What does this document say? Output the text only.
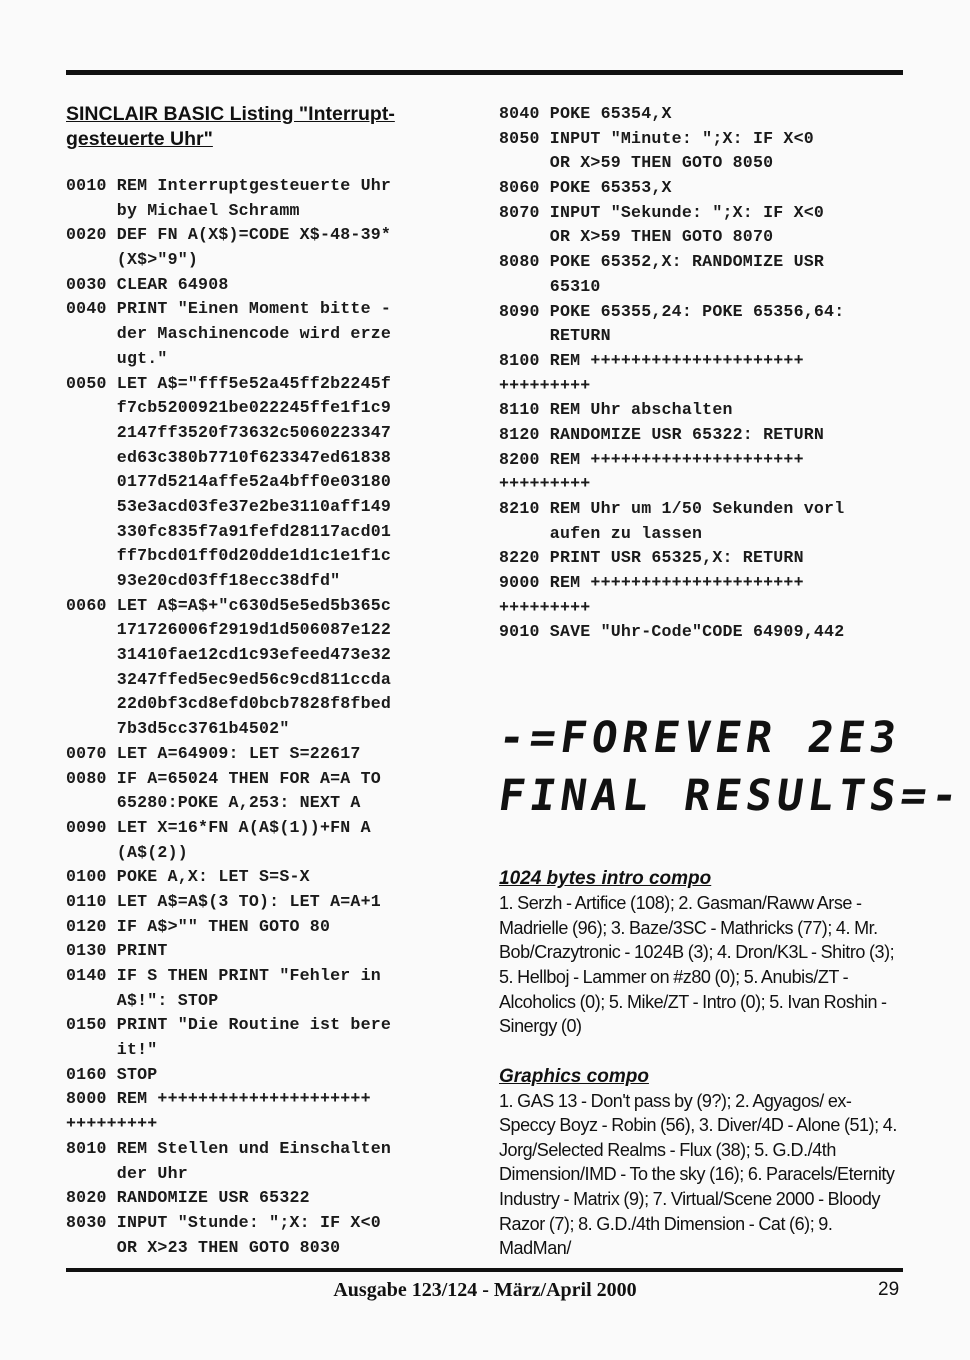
SINCLAIR BASIC Listing "Interrupt-
gesteuerte Uhr"
0010 REM Interruptgesteuerte Uhr
by Michael Schramm
0020 DEF FN A(X$)=CODE X$-48-39*
(X$>"9")
0030 CLEAR 64908
0040 PRINT "Einen Moment bitte -
der Maschinencode wird erze
ugt."
0050 LET A$="fff5e52a45ff2b2245f
f7cb5200921be022245ffe1f1c9
2147ff3520f73632c5060223347
ed63c380b7710f623347ed61838
0177d5214affe52a4bff0e03180
53e3acd03fe37e2be3110aff149
330fc835f7a91fefd28117acd01
ff7bcd01ff0d20dde1d1c1e1f1c
93e20cd03ff18ecc38dfd"
0060 LET A$=A$+"c630d5e5ed5b365c
171726006f2919d1d506087e122
31410fae12cd1c93efeed473e32
3247ffed5ec9ed56c9cd811ccda
22d0bf3cd8efd0bcb7828f8fbed
7b3d5cc3761b4502"
0070 LET A=64909: LET S=22617
0080 IF A=65024 THEN FOR A=A TO
65280:POKE A,253: NEXT A
0090 LET X=16*FN A(A$(1))+FN A
(A$(2))
0100 POKE A,X: LET S=S-X
0110 LET A$=A$(3 TO): LET A=A+1
0120 IF A$>"" THEN GOTO 80
0130 PRINT
0140 IF S THEN PRINT "Fehler in
A$!": STOP
0150 PRINT "Die Routine ist bere
it!"
0160 STOP
8000 REM +++++++++++++++++++++
+++++++++
8010 REM Stellen und Einschalten
der Uhr
8020 RANDOMIZE USR 65322
8030 INPUT "Stunde: ";X: IF X<0
OR X>23 THEN GOTO 8030
8040 POKE 65354,X
8050 INPUT "Minute: ";X: IF X<0
OR X>59 THEN GOTO 8050
8060 POKE 65353,X
8070 INPUT "Sekunde: ";X: IF X<0
OR X>59 THEN GOTO 8070
8080 POKE 65352,X: RANDOMIZE USR
65310
8090 POKE 65355,24: POKE 65356,64:
RETURN
8100 REM +++++++++++++++++++++
+++++++++
8110 REM Uhr abschalten
8120 RANDOMIZE USR 65322: RETURN
8200 REM +++++++++++++++++++++
+++++++++
8210 REM Uhr um 1/50 Sekunden vorl
aufen zu lassen
8220 PRINT USR 65325,X: RETURN
9000 REM +++++++++++++++++++++
+++++++++
9010 SAVE "Uhr-Code"CODE 64909,442
-=FOREVER 2E3
FINAL RESULTS=-

1024 bytes intro compo

1. Serzh - Artifice (108); 2. Gasman/Raww Arse - Madrielle (96); 3. Baze/3SC - Mathricks (77); 4. Mr. Bob/Crazytronic - 1024B (3); 4. Dron/K3L - Shitro (3); 5. Hellboj - Lammer on #z80 (0); 5. Anubis/ZT - Alcoholics (0); 5. Mike/ZT - Intro (0); 5. Ivan Roshin - Sinergy (0)

Graphics compo

1. GAS 13 - Don't pass by (9?); 2. Agyagos/ ex-Speccy Boyz - Robin (56), 3. Diver/4D - Alone (51); 4. Jorg/Selected Realms - Flux (38); 5. G.D./4th Dimension/IMD - To the sky (16); 6. Paracels/Eternity Industry - Matrix (9); 7. Virtual/Scene 2000 - Bloody Razor (7); 8. G.D./4th Dimension - Cat (6); 9. MadMan/

Ausgabe 123/124 - März/April 2000	29
